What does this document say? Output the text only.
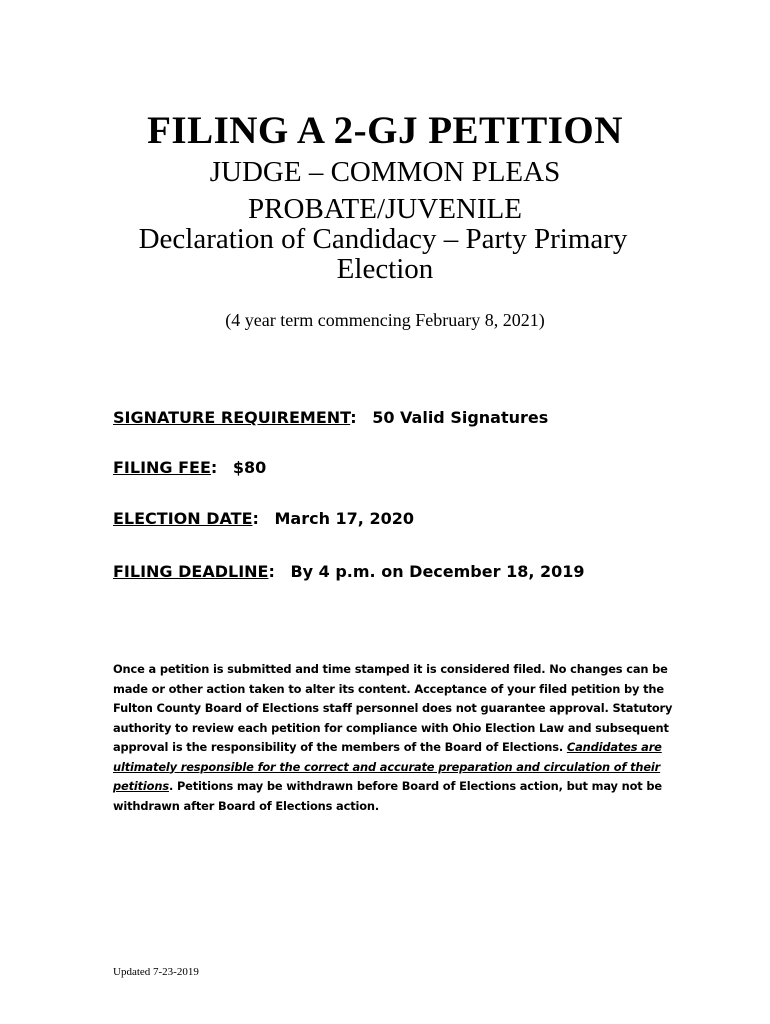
FILING A 2-GJ PETITION
JUDGE – COMMON PLEAS
PROBATE/JUVENILE
Declaration of Candidacy – Party Primary
Election
(4 year term commencing February 8, 2021)
SIGNATURE REQUIREMENT: 50 Valid Signatures
FILING FEE: $80
ELECTION DATE: March 17, 2020
FILING DEADLINE: By 4 p.m. on December 18, 2019
Once a petition is submitted and time stamped it is considered filed. No changes can be made or other action taken to alter its content. Acceptance of your filed petition by the Fulton County Board of Elections staff personnel does not guarantee approval. Statutory authority to review each petition for compliance with Ohio Election Law and subsequent approval is the responsibility of the members of the Board of Elections. Candidates are ultimately responsible for the correct and accurate preparation and circulation of their petitions. Petitions may be withdrawn before Board of Elections action, but may not be withdrawn after Board of Elections action.
Updated 7-23-2019
